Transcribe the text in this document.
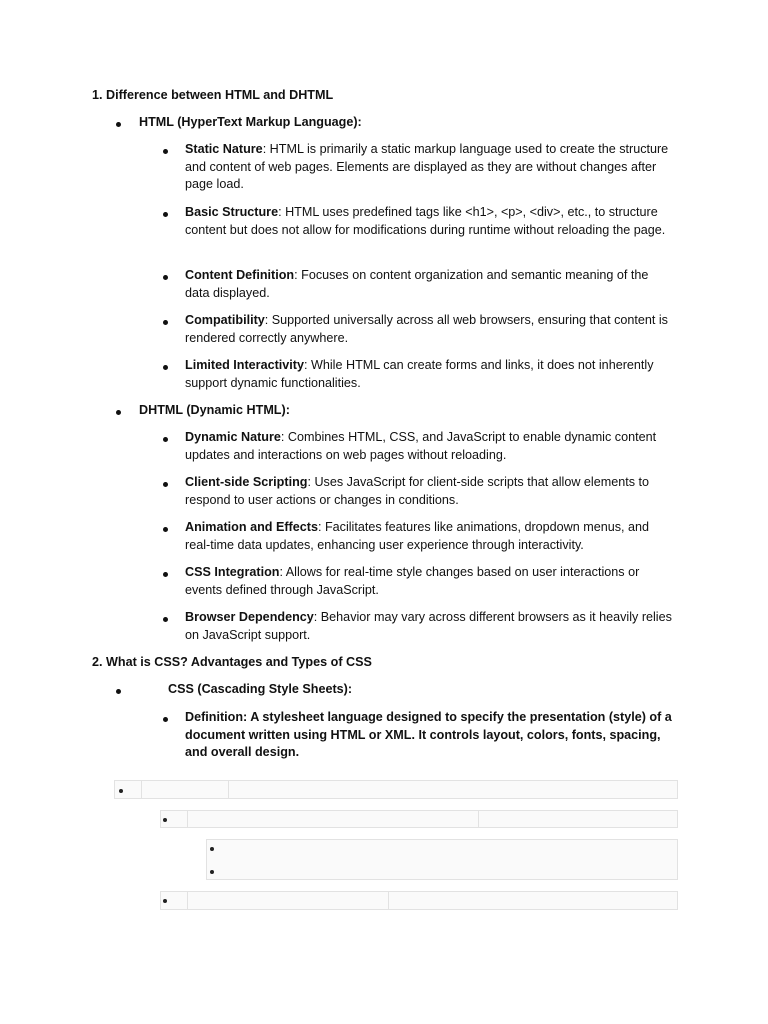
1. Difference between HTML and DHTML
HTML (HyperText Markup Language):
Static Nature: HTML is primarily a static markup language used to create the structure and content of web pages. Elements are displayed as they are without changes after page load.
Basic Structure: HTML uses predefined tags like <h1>, <p>, <div>, etc., to structure content but does not allow for modifications during runtime without reloading the page.
Content Definition: Focuses on content organization and semantic meaning of the data displayed.
Compatibility: Supported universally across all web browsers, ensuring that content is rendered correctly anywhere.
Limited Interactivity: While HTML can create forms and links, it does not inherently support dynamic functionalities.
DHTML (Dynamic HTML):
Dynamic Nature: Combines HTML, CSS, and JavaScript to enable dynamic content updates and interactions on web pages without reloading.
Client-side Scripting: Uses JavaScript for client-side scripts that allow elements to respond to user actions or changes in conditions.
Animation and Effects: Facilitates features like animations, dropdown menus, and real-time data updates, enhancing user experience through interactivity.
CSS Integration: Allows for real-time style changes based on user interactions or events defined through JavaScript.
Browser Dependency: Behavior may vary across different browsers as it heavily relies on JavaScript support.
2. What is CSS? Advantages and Types of CSS
CSS (Cascading Style Sheets):
Definition: A stylesheet language designed to specify the presentation (style) of a document written using HTML or XML. It controls layout, colors, fonts, spacing, and overall design.
